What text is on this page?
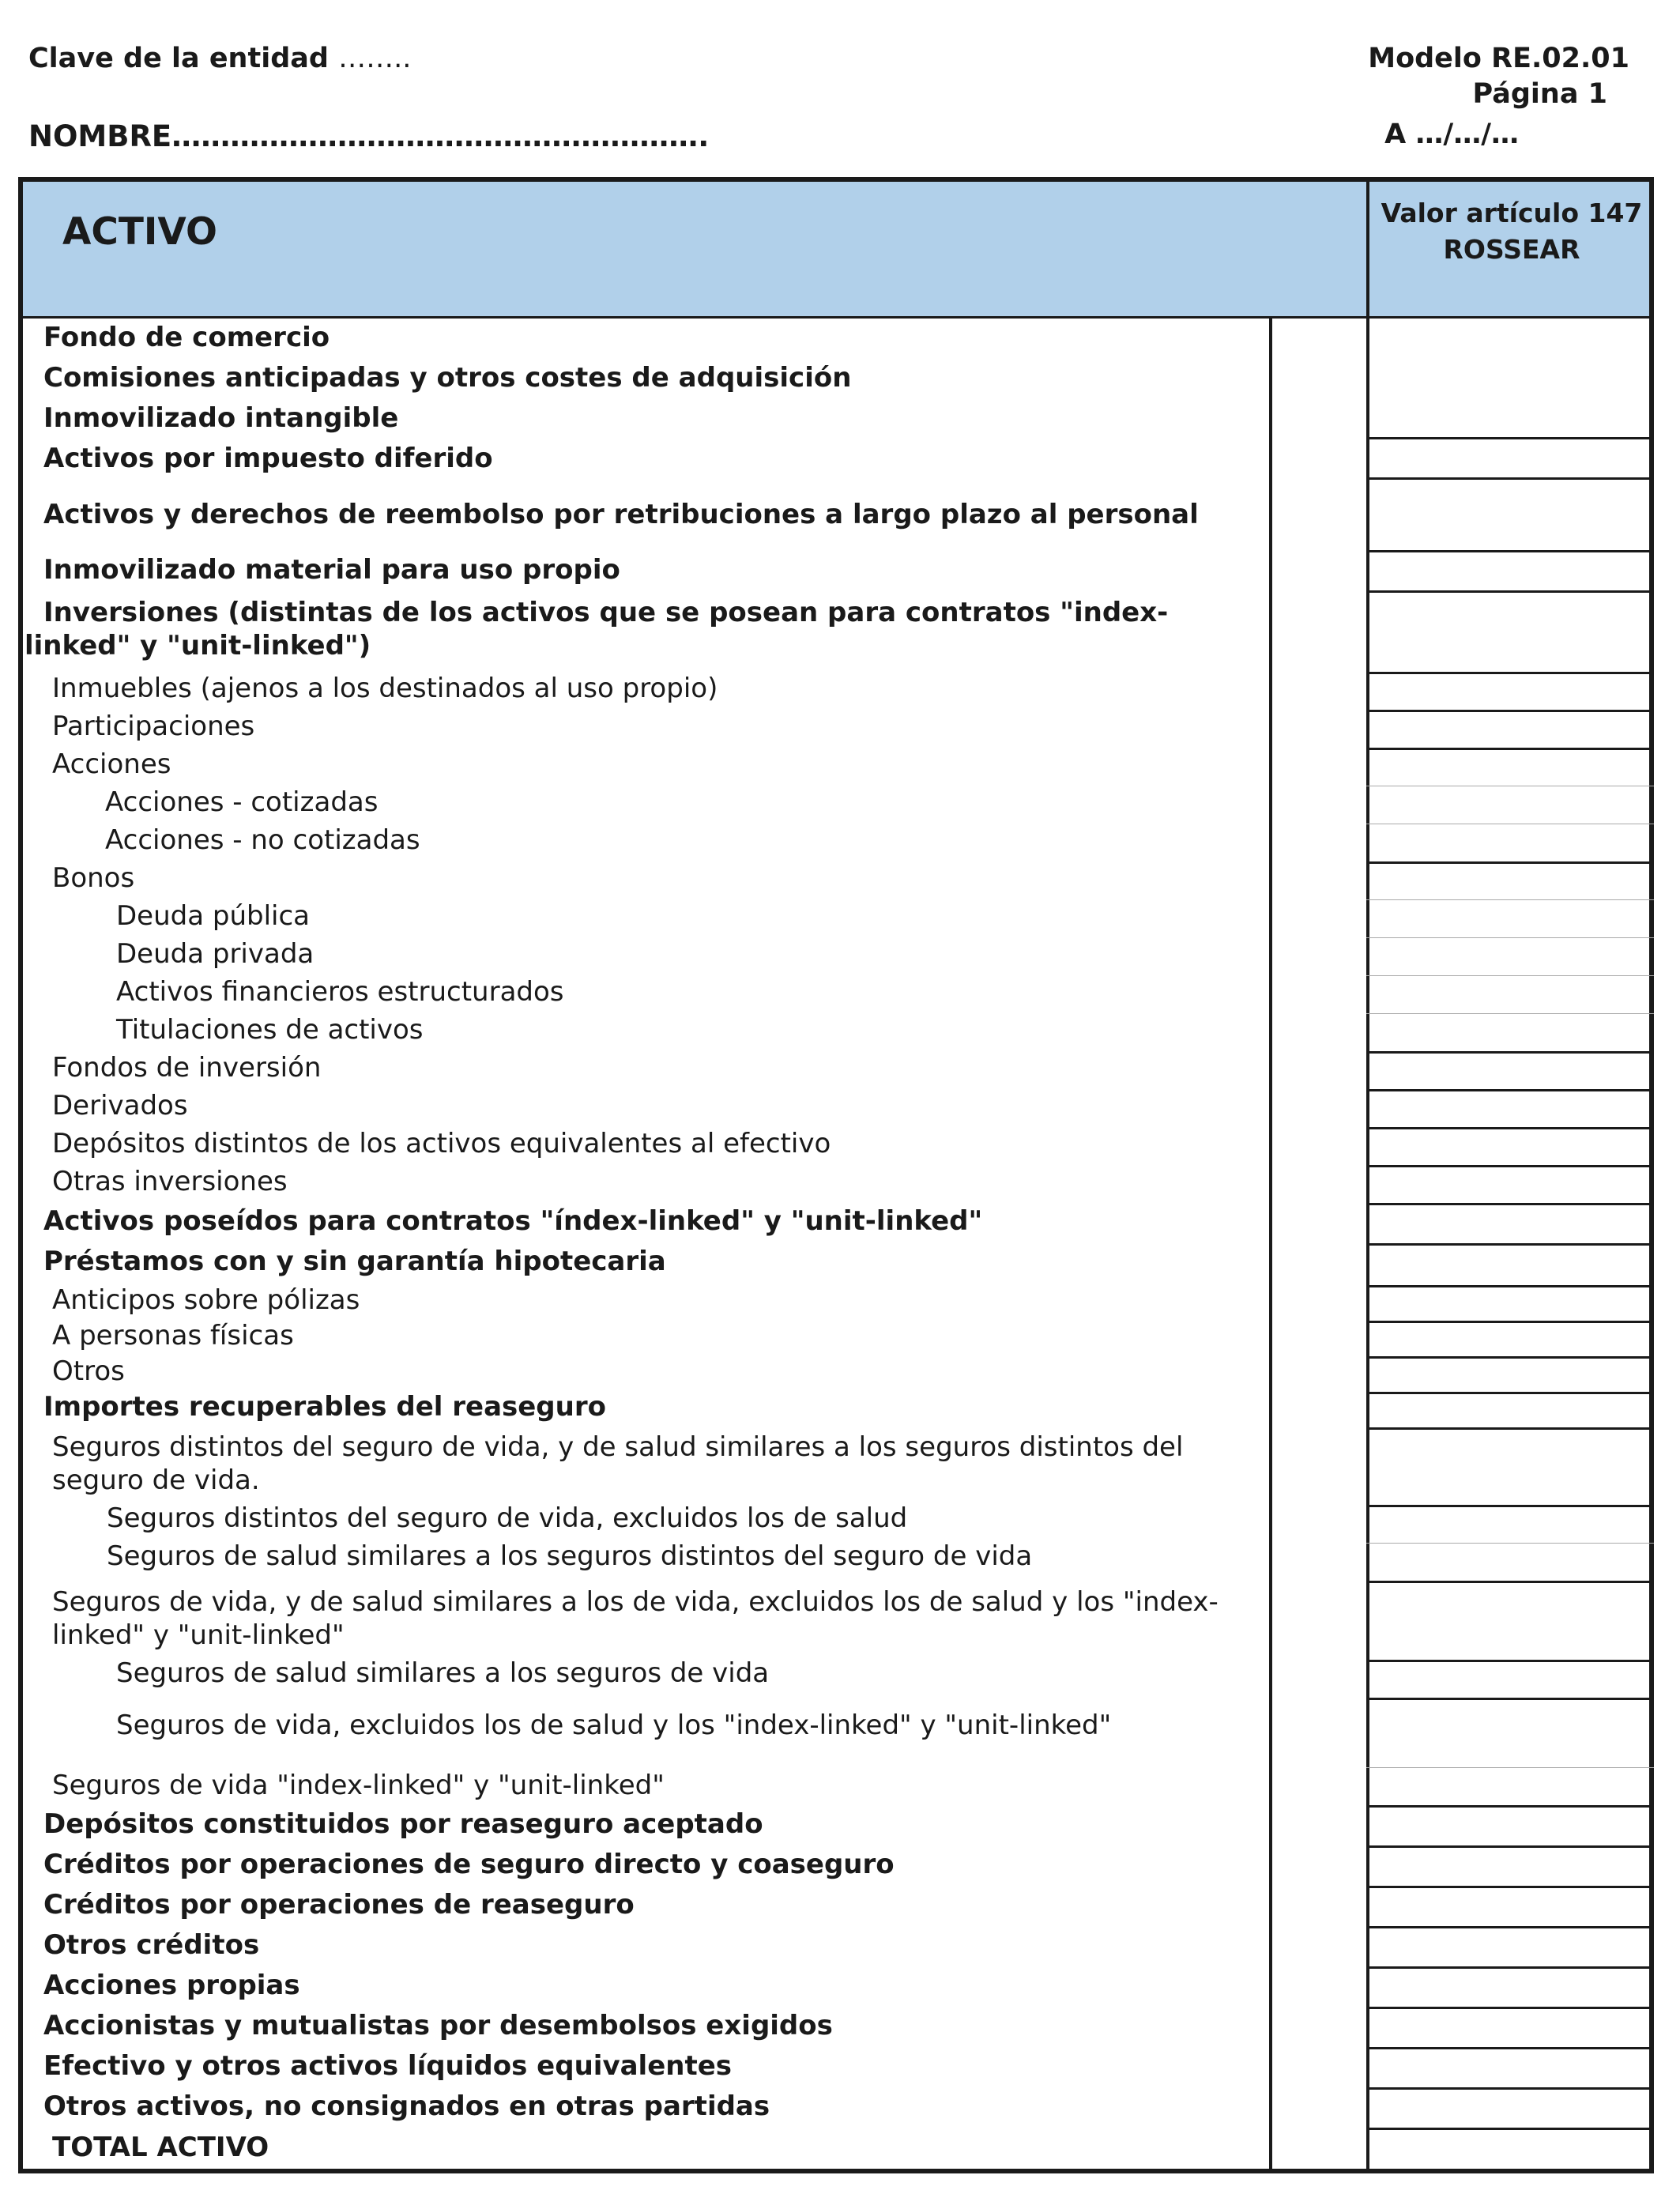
Clave de la entidad ……..	Modelo RE.02.01
Página 1
NOMBRE……………………………………………….	A …/…/…
ACTIVO	Valor artículo 147
ROSSEAR
Fondo de comercio
Comisiones anticipadas y otros costes de adquisición
Inmovilizado intangible
Activos por impuesto diferido
Activos y derechos de reembolso por retribuciones a largo plazo al personal
Inmovilizado material para uso propio
Inversiones (distintas de los activos que se posean para contratos "index-linked" y "unit-linked")
Inmuebles (ajenos a los destinados al uso propio)
Participaciones
Acciones
Acciones - cotizadas
Acciones - no cotizadas
Bonos
Deuda pública
Deuda privada
Activos financieros estructurados
Titulaciones de activos
Fondos de inversión
Derivados
Depósitos distintos de los activos equivalentes al efectivo
Otras inversiones
Activos poseídos para contratos "índex-linked" y "unit-linked"
Préstamos con y sin garantía hipotecaria
Anticipos sobre pólizas
A personas físicas
Otros
Importes recuperables del reaseguro
Seguros distintos del seguro de vida, y de salud similares a los seguros distintos del seguro de vida.
Seguros distintos del seguro de vida, excluidos los de salud
Seguros de salud similares a los seguros distintos del seguro de vida
Seguros de vida, y de salud similares a los de vida, excluidos los de salud y los "index-linked" y "unit-linked"
Seguros de salud similares a los seguros de vida
Seguros de vida, excluidos los de salud y los "index-linked" y "unit-linked"
Seguros de vida "index-linked" y "unit-linked"
Depósitos constituidos por reaseguro aceptado
Créditos por operaciones de seguro directo y coaseguro
Créditos por operaciones de reaseguro
Otros créditos
Acciones propias
Accionistas y mutualistas por desembolsos exigidos
Efectivo y otros activos líquidos equivalentes
Otros activos, no consignados en otras partidas
TOTAL ACTIVO
